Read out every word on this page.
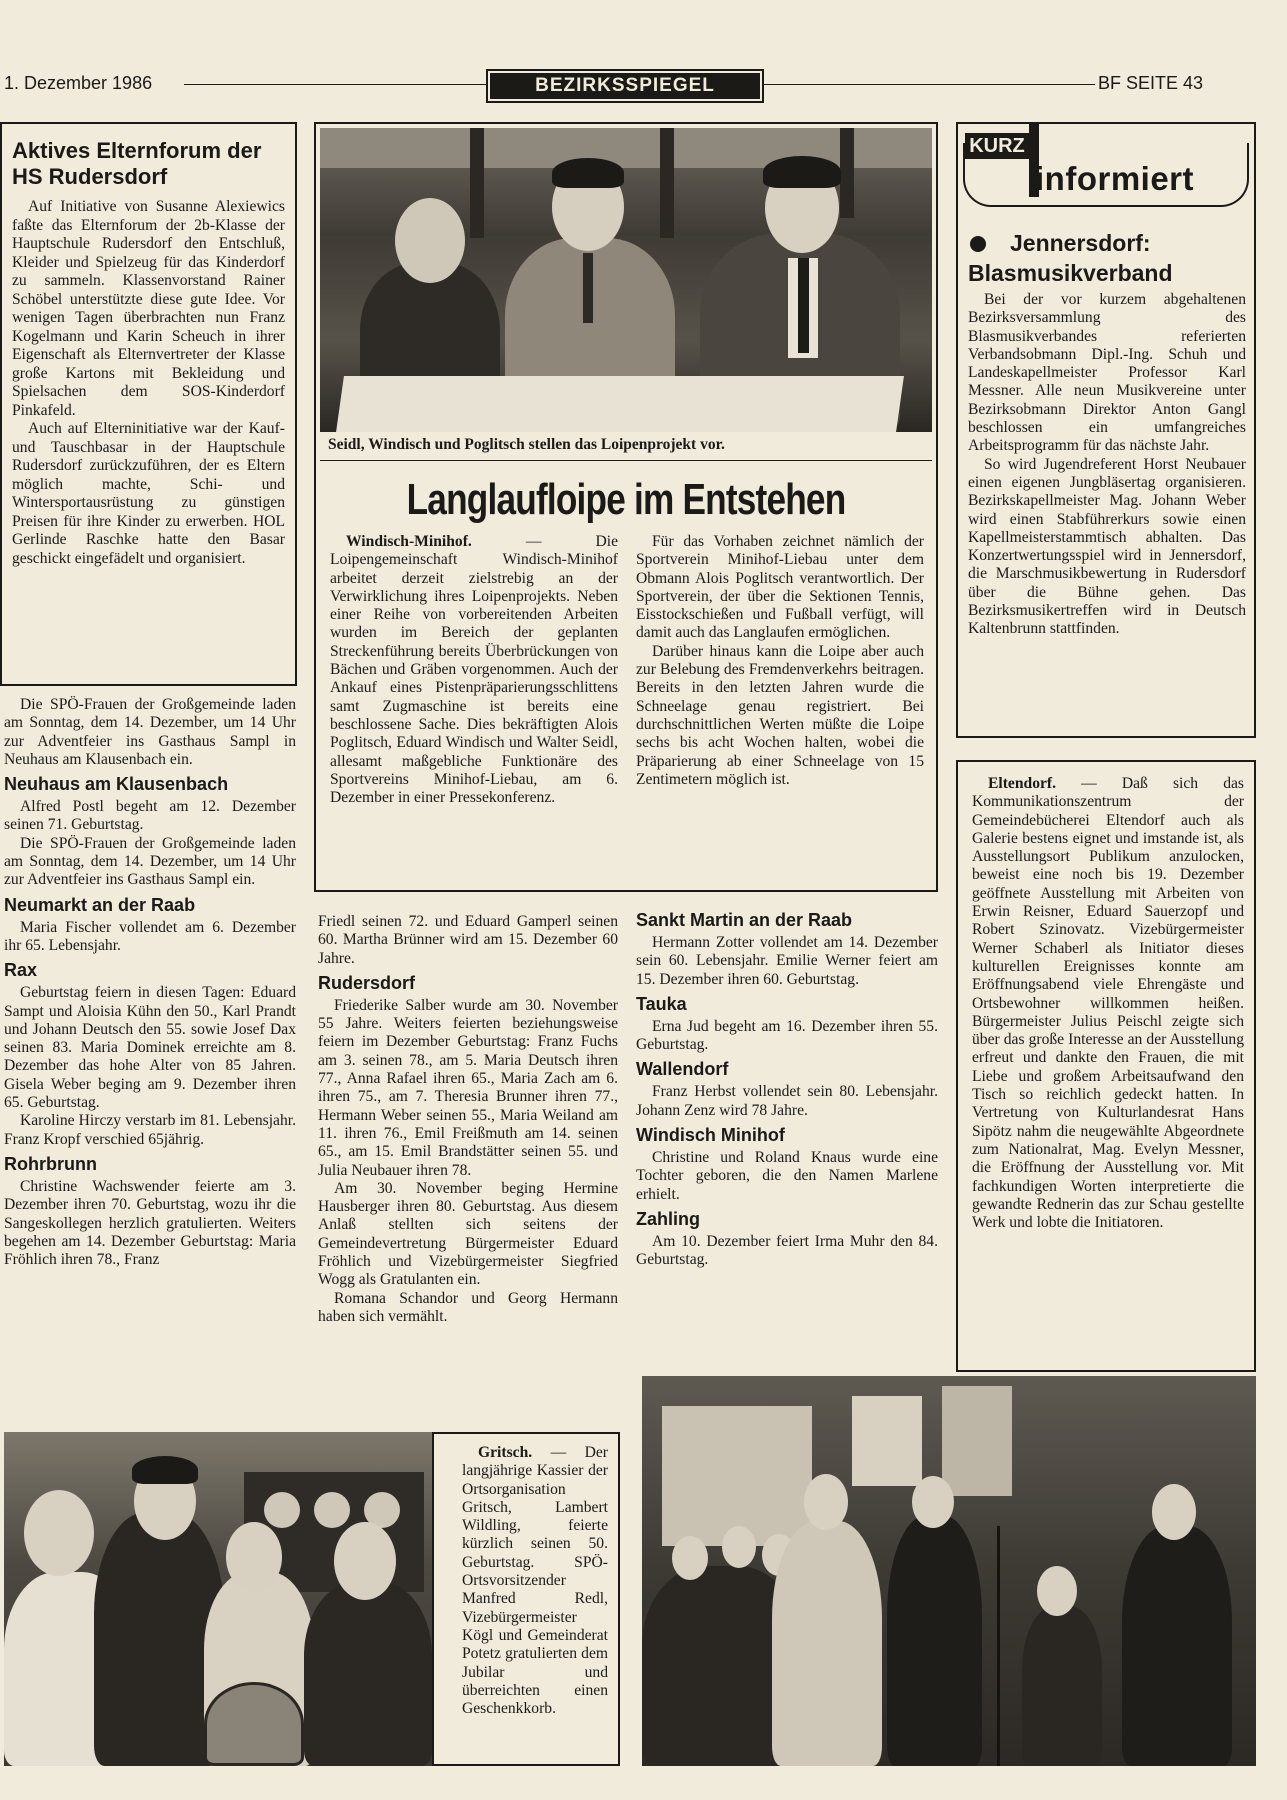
1. Dezember 1986	BEZIRKSSPIEGEL	BF SEITE 43
Aktives Elternforum der HS Rudersdorf

Auf Initiative von Susanne Alexiewics faßte das Elternforum der 2b-Klasse der Hauptschule Rudersdorf den Entschluß, Kleider und Spielzeug für das Kinderdorf zu sammeln. Klassenvorstand Rainer Schöbel unterstützte diese gute Idee. Vor wenigen Tagen überbrachten nun Franz Kogelmann und Karin Scheuch in ihrer Eigenschaft als Elternvertreter der Klasse große Kartons mit Bekleidung und Spielsachen dem SOS-Kinderdorf Pinkafeld.

Auch auf Elterninitiative war der Kauf- und Tauschbasar in der Hauptschule Rudersdorf zurückzuführen, der es Eltern möglich machte, Schi- und Wintersportausrüstung zu günstigen Preisen für ihre Kinder zu erwerben. HOL Gerlinde Raschke hatte den Basar geschickt eingefädelt und organisiert.

Die SPÖ-Frauen der Großgemeinde laden am Sonntag, dem 14. Dezember, um 14 Uhr zur Adventfeier ins Gasthaus Sampl in Neuhaus am Klausenbach ein.

Neuhaus am Klausenbach

Alfred Postl begeht am 12. Dezember seinen 71. Geburtstag.

Die SPÖ-Frauen der Großgemeinde laden am Sonntag, dem 14. Dezember, um 14 Uhr zur Adventfeier ins Gasthaus Sampl ein.

Neumarkt an der Raab

Maria Fischer vollendet am 6. Dezember ihr 65. Lebensjahr.

Rax

Geburtstag feiern in diesen Tagen: Eduard Sampt und Aloisia Kühn den 50., Karl Prandt und Johann Deutsch den 55. sowie Josef Dax seinen 83. Maria Dominek erreichte am 8. Dezember das hohe Alter von 85 Jahren. Gisela Weber beging am 9. Dezember ihren 65. Geburtstag.

Karoline Hirczy verstarb im 81. Lebensjahr. Franz Kropf verschied 65jährig.

Rohrbrunn

Christine Wachswender feierte am 3. Dezember ihren 70. Geburtstag, wozu ihr die Sangeskollegen herzlich gratulierten. Weiters begehen am 14. Dezember Geburtstag: Maria Fröhlich ihren 78., Franz

Seidl, Windisch und Poglitsch stellen das Loipenprojekt vor.
Langlaufloipe im Entstehen

Windisch-Minihof. — Die Loipengemeinschaft Windisch-Minihof arbeitet derzeit zielstrebig an der Verwirklichung ihres Loipenprojekts. Neben einer Reihe von vorbereitenden Arbeiten wurden im Bereich der geplanten Streckenführung bereits Überbrückungen von Bächen und Gräben vorgenommen. Auch der Ankauf eines Pistenpräparierungsschlittens samt Zugmaschine ist bereits eine beschlossene Sache. Dies bekräftigten Alois Poglitsch, Eduard Windisch und Walter Seidl, allesamt maßgebliche Funktionäre des Sportvereins Minihof-Liebau, am 6. Dezember in einer Pressekonferenz.

Für das Vorhaben zeichnet nämlich der Sportverein Minihof-Liebau unter dem Obmann Alois Poglitsch verantwortlich. Der Sportverein, der über die Sektionen Tennis, Eisstockschießen und Fußball verfügt, will damit auch das Langlaufen ermöglichen.

Darüber hinaus kann die Loipe aber auch zur Belebung des Fremdenverkehrs beitragen. Bereits in den letzten Jahren wurde die Schneelage genau registriert. Bei durchschnittlichen Werten müßte die Loipe sechs bis acht Wochen halten, wobei die Präparierung ab einer Schneelage von 15 Zentimetern möglich ist.

Friedl seinen 72. und Eduard Gamperl seinen 60. Martha Brünner wird am 15. Dezember 60 Jahre.

Rudersdorf

Friederike Salber wurde am 30. November 55 Jahre. Weiters feierten beziehungsweise feiern im Dezember Geburtstag: Franz Fuchs am 3. seinen 78., am 5. Maria Deutsch ihren 77., Anna Rafael ihren 65., Maria Zach am 6. ihren 75., am 7. Theresia Brunner ihren 77., Hermann Weber seinen 55., Maria Weiland am 11. ihren 76., Emil Freißmuth am 14. seinen 65., am 15. Emil Brandstätter seinen 55. und Julia Neubauer ihren 78.

Am 30. November beging Hermine Hausberger ihren 80. Geburtstag. Aus diesem Anlaß stellten sich seitens der Gemeindevertretung Bürgermeister Eduard Fröhlich und Vizebürgermeister Siegfried Wogg als Gratulanten ein.

Romana Schandor und Georg Hermann haben sich vermählt.

Sankt Martin an der Raab

Hermann Zotter vollendet am 14. Dezember sein 60. Lebensjahr. Emilie Werner feiert am 15. Dezember ihren 60. Geburtstag.

Tauka

Erna Jud begeht am 16. Dezember ihren 55. Geburtstag.

Wallendorf

Franz Herbst vollendet sein 80. Lebensjahr. Johann Zenz wird 78 Jahre.

Windisch Minihof

Christine und Roland Knaus wurde eine Tochter geboren, die den Namen Marlene erhielt.

Zahling

Am 10. Dezember feiert Irma Muhr den 84. Geburtstag.

KURZ
informiert
Jennersdorf: Blasmusikverband

Bei der vor kurzem abgehaltenen Bezirksversammlung des Blasmusikverbandes referierten Verbandsobmann Dipl.-Ing. Schuh und Landeskapellmeister Professor Karl Messner. Alle neun Musikvereine unter Bezirksobmann Direktor Anton Gangl beschlossen ein umfangreiches Arbeitsprogramm für das nächste Jahr.

So wird Jugendreferent Horst Neubauer einen eigenen Jungbläsertag organisieren. Bezirkskapellmeister Mag. Johann Weber wird einen Stabführerkurs sowie einen Kapellmeisterstammtisch abhalten. Das Konzertwertungsspiel wird in Jennersdorf, die Marschmusikbewertung in Rudersdorf über die Bühne gehen. Das Bezirksmusikertreffen wird in Deutsch Kaltenbrunn stattfinden.

Eltendorf. — Daß sich das Kommunikationszentrum der Gemeindebücherei Eltendorf auch als Galerie bestens eignet und imstande ist, als Ausstellungsort Publikum anzulocken, beweist eine noch bis 19. Dezember geöffnete Ausstellung mit Arbeiten von Erwin Reisner, Eduard Sauerzopf und Robert Szinovatz. Vizebürgermeister Werner Schaberl als Initiator dieses kulturellen Ereignisses konnte am Eröffnungsabend viele Ehrengäste und Ortsbewohner willkommen heißen. Bürgermeister Julius Peischl zeigte sich über das große Interesse an der Ausstellung erfreut und dankte den Frauen, die mit Liebe und großem Arbeitsaufwand den Tisch so reichlich gedeckt hatten. In Vertretung von Kulturlandesrat Hans Sipötz nahm die neugewählte Abgeordnete zum Nationalrat, Mag. Evelyn Messner, die Eröffnung der Ausstellung vor. Mit fachkundigen Worten interpretierte die gewandte Rednerin das zur Schau gestellte Werk und lobte die Initiatoren.

Gritsch. — Der langjährige Kassier der Ortsorganisation Gritsch, Lambert Wildling, feierte kürzlich seinen 50. Geburtstag. SPÖ-Ortsvorsitzender Manfred Redl, Vizebürgermeister Kögl und Gemeinderat Potetz gratulierten dem Jubilar und überreichten einen Geschenkkorb.
